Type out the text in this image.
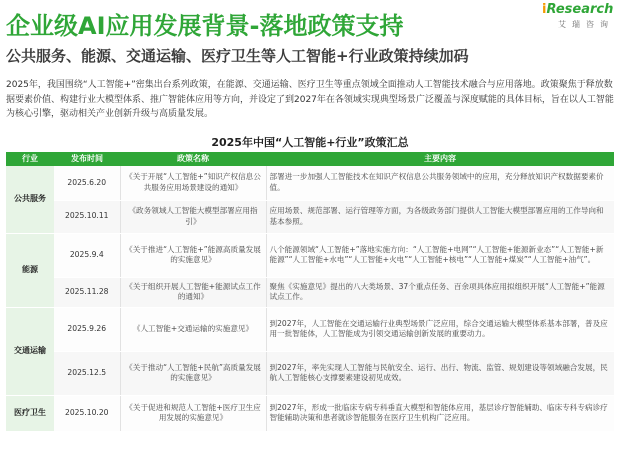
企业级AI应用发展背景-落地政策支持
iResearch
艾瑞咨询
公共服务、能源、交通运输、医疗卫生等人工智能+行业政策持续加码
2025年，我国围绕“人工智能+”密集出台系列政策，在能源、交通运输、医疗卫生等重点领域全面推动人工智能技术融合与应用落地。政策聚焦于释放数据要素价值、构建行业大模型体系、推广智能体应用等方向，并设定了到2027年在各领域实现典型场景广泛覆盖与深度赋能的具体目标，旨在以人工智能为核心引擎，驱动相关产业创新升级与高质量发展。
2025年中国“人工智能+行业”政策汇总
行业	发布时间	政策名称	主要内容
公共服务	2025.6.20	《关于开展“人工智能+”知识产权信息公共服务应用场景建设的通知》	部署进一步加强人工智能技术在知识产权信息公共服务领域中的应用，充分释放知识产权数据要素价值。
	2025.10.11	《政务领域人工智能大模型部署应用指引》	应用场景、规范部署、运行管理等方面，为各级政务部门提供人工智能大模型部署应用的工作导向和基本参照。
能源	2025.9.4	《关于推进“人工智能+”能源高质量发展的实施意见》	八个能源领域“人工智能+”落地实施方向：“人工智能+电网”“人工智能+能源新业态”“人工智能+新能源”“人工智能+水电”“人工智能+火电”“人工智能+核电”“人工智能+煤炭”“人工智能+油气”。
	2025.11.28	《关于组织开展人工智能+能源试点工作的通知》	聚焦《实施意见》提出的八大类场景、37个重点任务、百余项具体应用拟组织开展“人工智能+”能源试点工作。
交通运输	2025.9.26	《人工智能+交通运输的实施意见》	到2027年，人工智能在交通运输行业典型场景广泛应用，综合交通运输大模型体系基本部署，普及应用一批智能体，人工智能成为引领交通运输创新发展的重要动力。
	2025.12.5	《关于推动“人工智能+民航”高质量发展的实施意见》	到2027年，率先实现人工智能与民航安全、运行、出行、物流、监管、规划建设等领域融合发展，民航人工智能核心支撑要素建设初见成效。
医疗卫生	2025.10.20	《关于促进和规范人工智能+医疗卫生应用发展的实施意见》	到2027年，形成一批临床专病专科垂直大模型和智能体应用，基层诊疗智能辅助、临床专科专病诊疗智能辅助决策和患者就诊智能服务在医疗卫生机构广泛应用。
